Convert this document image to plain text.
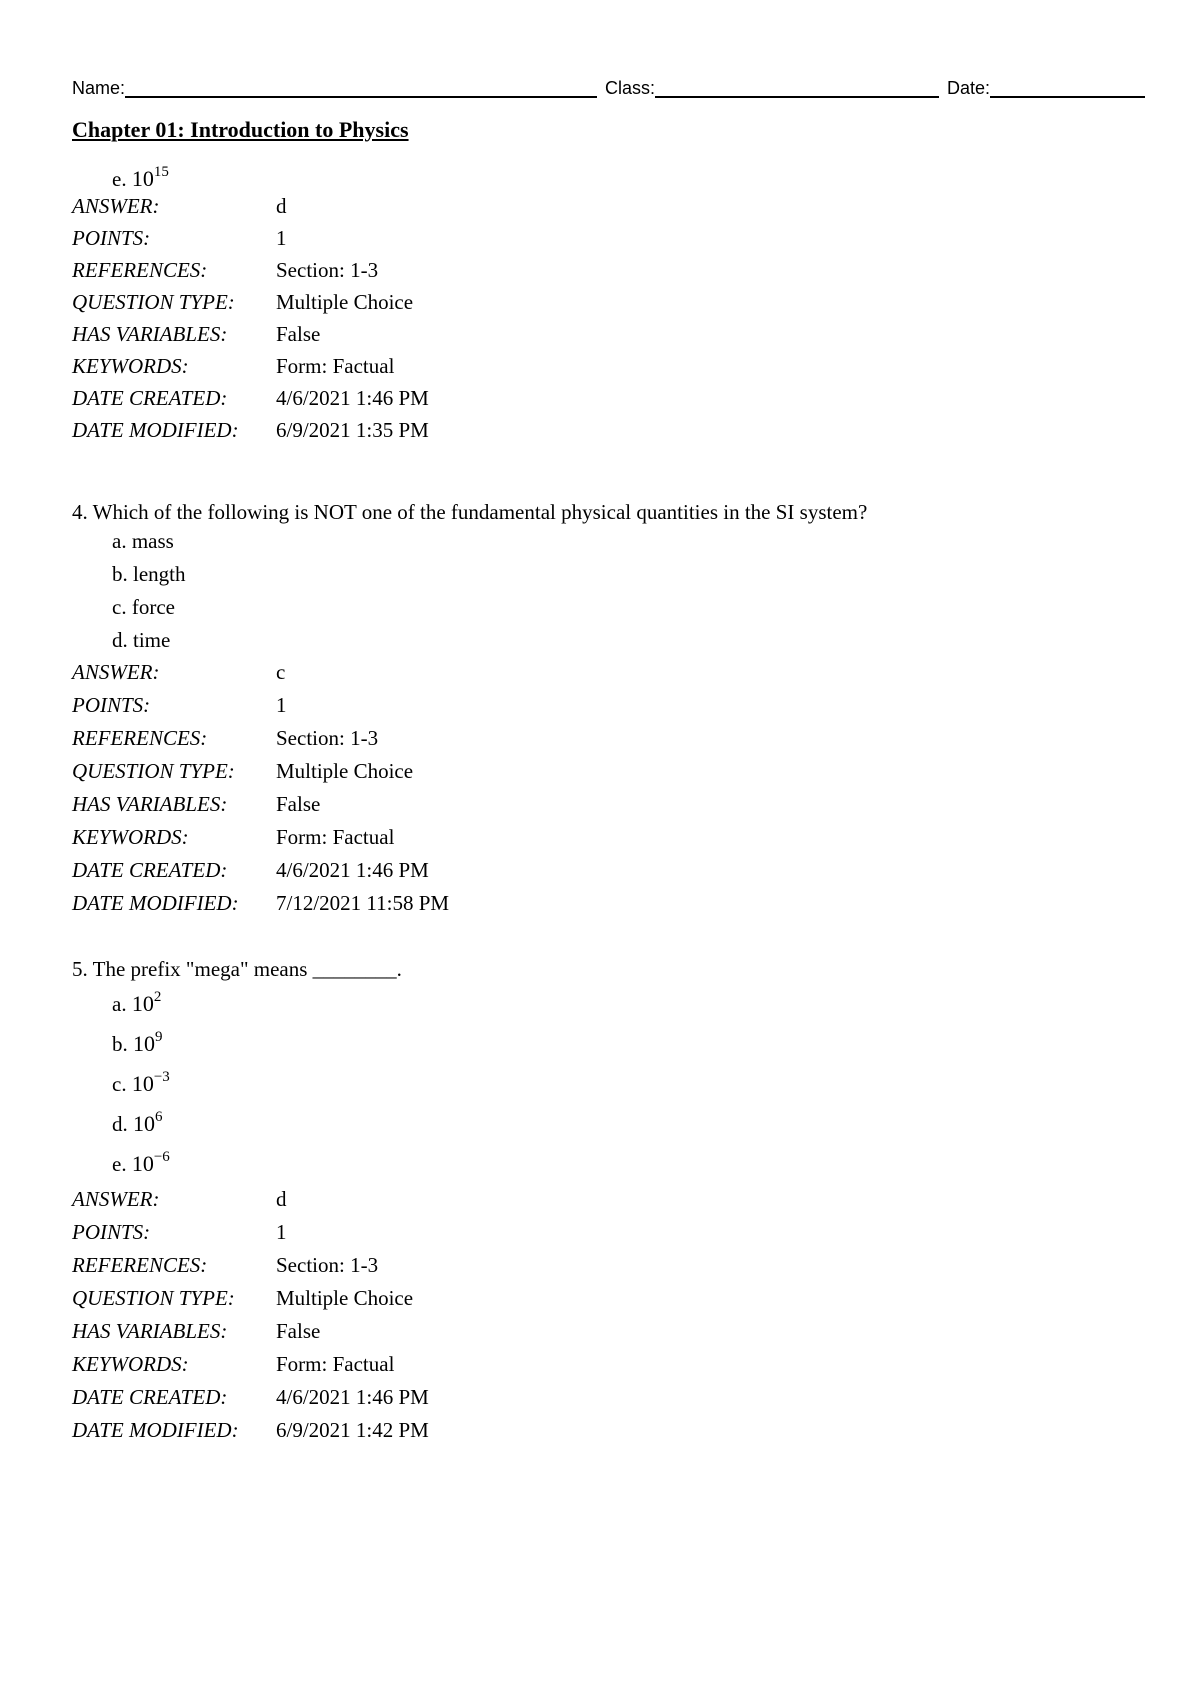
Name:	Class:	Date:
Chapter 01: Introduction to Physics
e. $10^{15}$
ANSWER:	d
POINTS:	1
REFERENCES:	Section: 1-3
QUESTION TYPE: Multiple Choice
HAS VARIABLES: False
KEYWORDS:	Form: Factual
DATE CREATED: 4/6/2021 1:46 PM
DATE MODIFIED: 6/9/2021 1:35 PM
4. Which of the following is NOT one of the fundamental physical quantities in the SI system?
a. mass
b. length
c. force
d. time
ANSWER:	c
POINTS:	1
REFERENCES:	Section: 1-3
QUESTION TYPE: Multiple Choice
HAS VARIABLES: False
KEYWORDS:	Form: Factual
DATE CREATED: 4/6/2021 1:46 PM
DATE MODIFIED: 7/12/2021 11:58 PM
5. The prefix "mega" means ________.
a. $10^2$
b. $10^9$
c. $10^{-3}$
d. $10^6$
e. $10^{-6}$
ANSWER:	d
POINTS:	1
REFERENCES:	Section: 1-3
QUESTION TYPE: Multiple Choice
HAS VARIABLES: False
KEYWORDS:	Form: Factual
DATE CREATED: 4/6/2021 1:46 PM
DATE MODIFIED: 6/9/2021 1:42 PM
